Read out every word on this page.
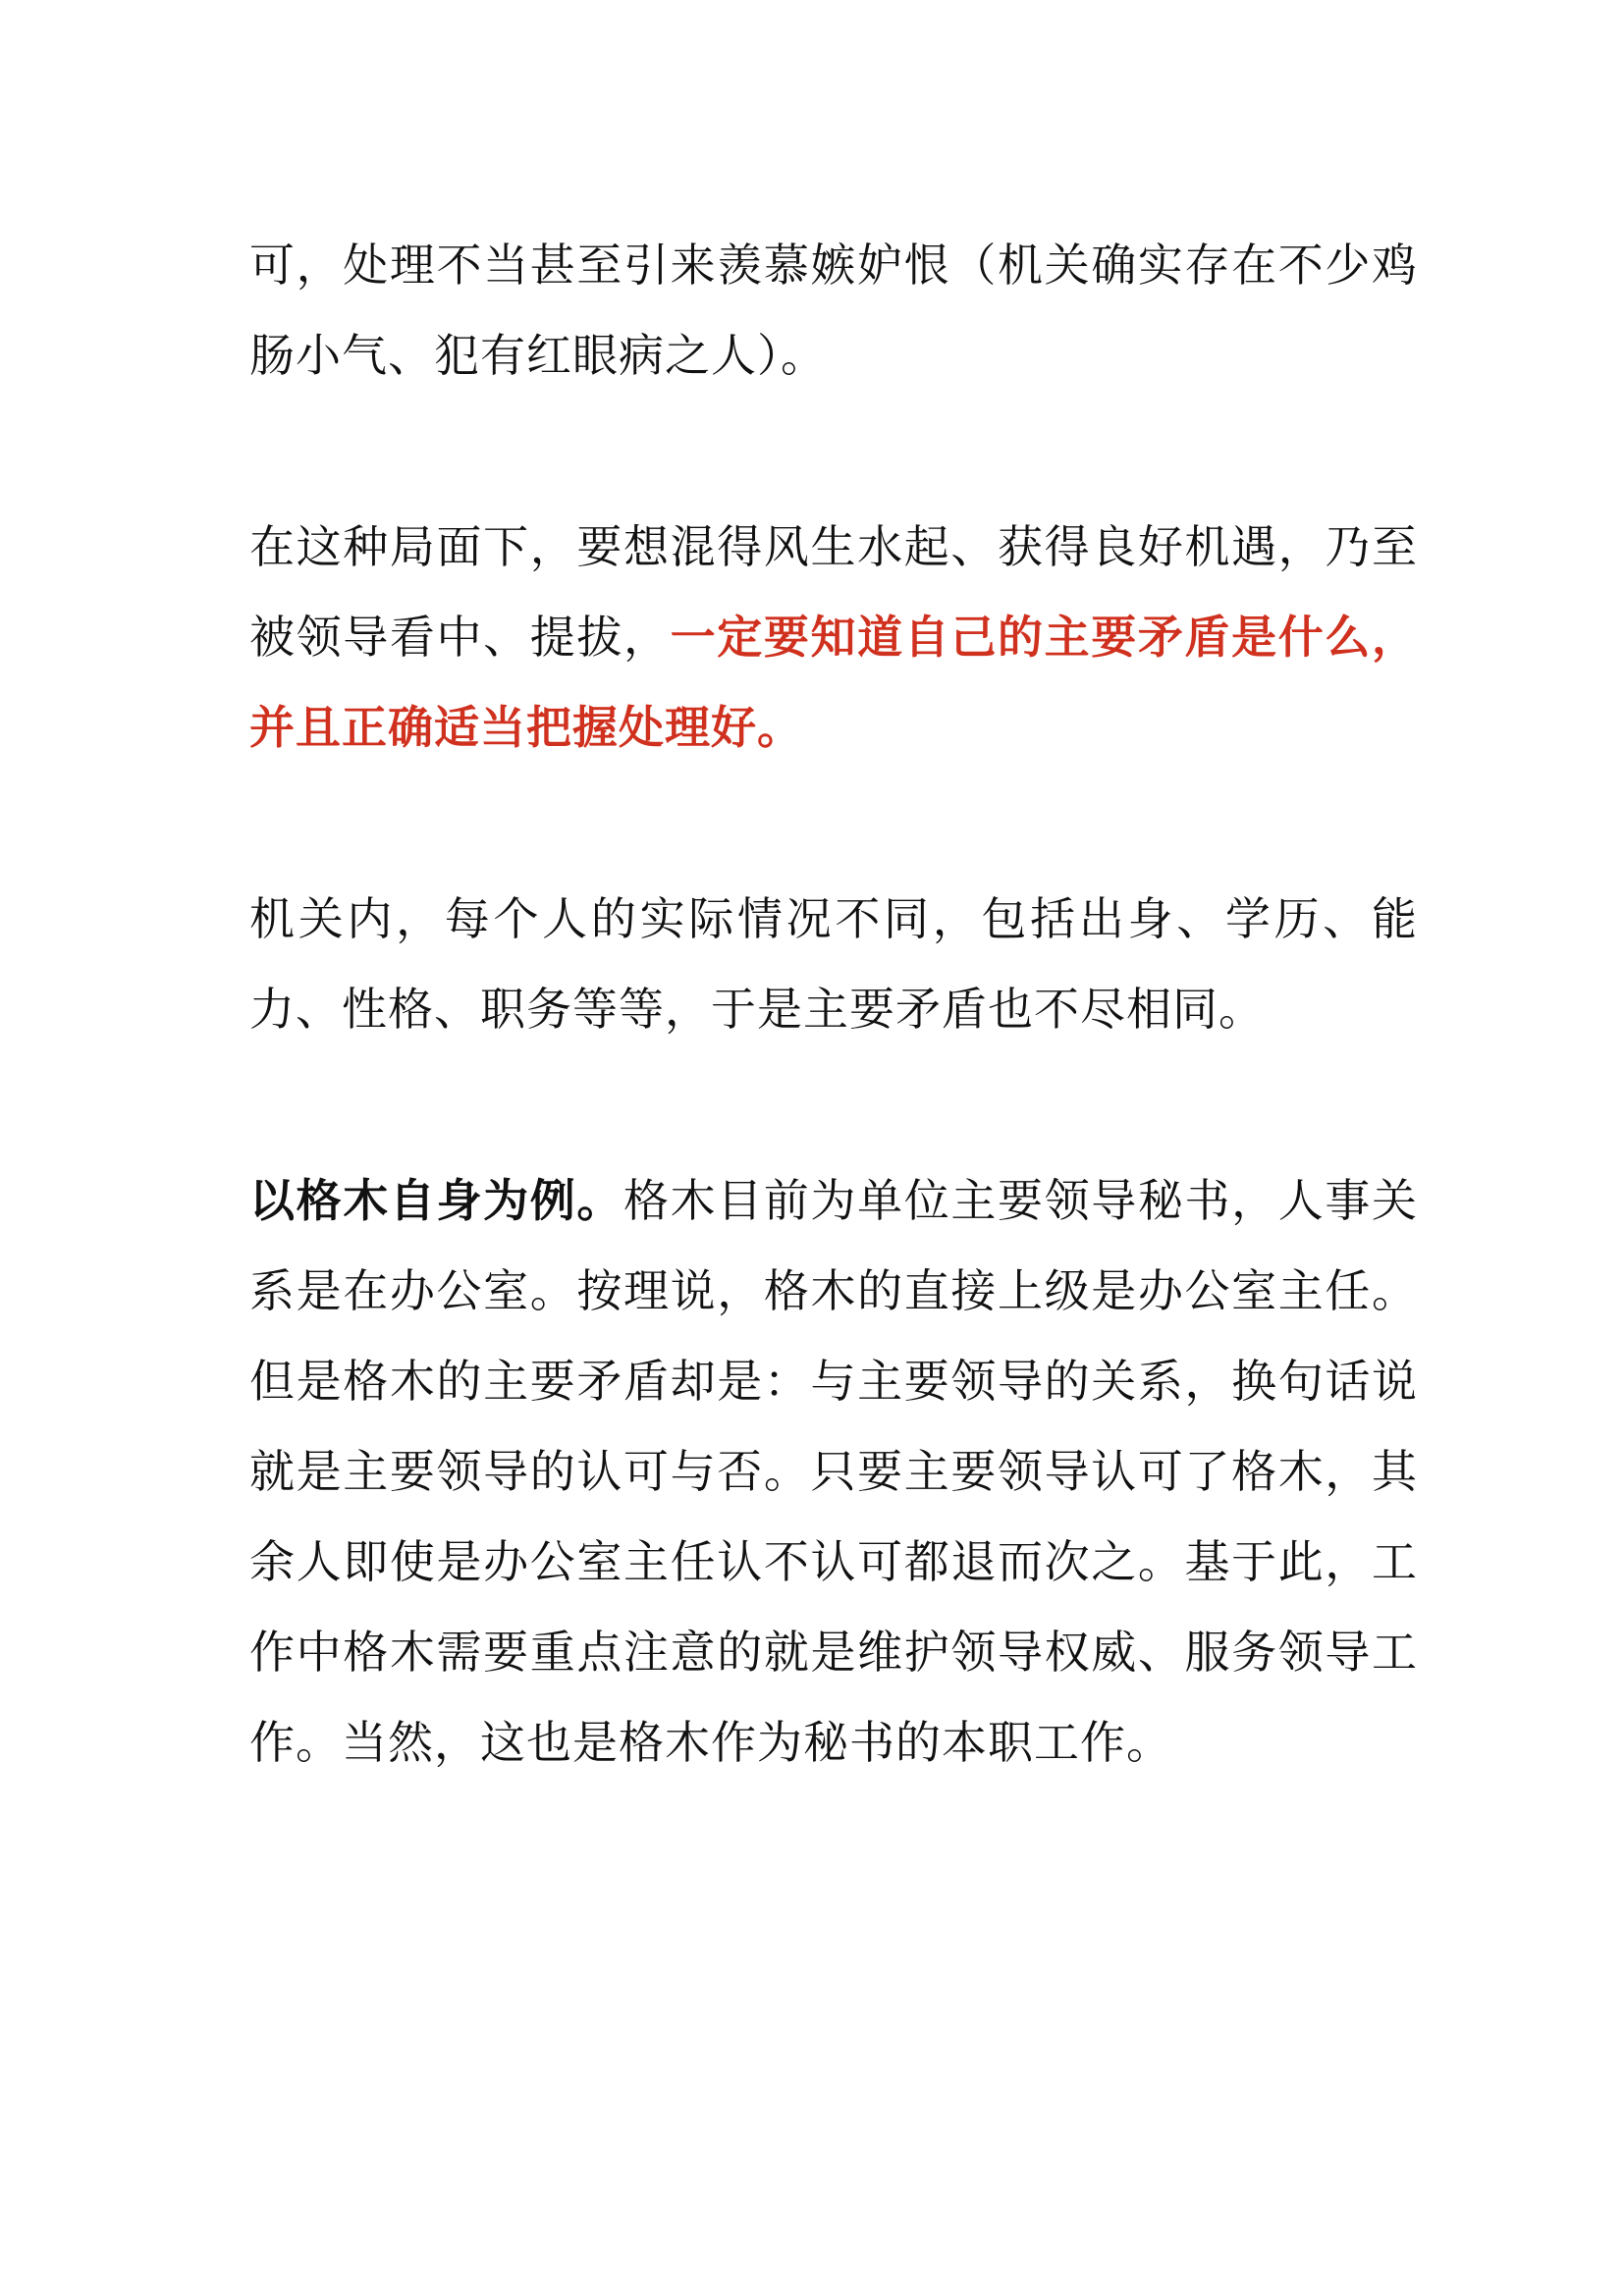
可，处理不当甚至引来羡慕嫉妒恨（机关确实存在不少鸡肠小气、犯有红眼病之人）。

在这种局面下，要想混得风生水起、获得良好机遇，乃至被领导看中、提拔，一定要知道自己的主要矛盾是什么，并且正确适当把握处理好。

机关内，每个人的实际情况不同，包括出身、学历、能力、性格、职务等等，于是主要矛盾也不尽相同。

以格木自身为例。格木目前为单位主要领导秘书，人事关系是在办公室。按理说，格木的直接上级是办公室主任。但是格木的主要矛盾却是：与主要领导的关系，换句话说就是主要领导的认可与否。只要主要领导认可了格木，其余人即使是办公室主任认不认可都退而次之。基于此，工作中格木需要重点注意的就是维护领导权威、服务领导工作。当然，这也是格木作为秘书的本职工作。
